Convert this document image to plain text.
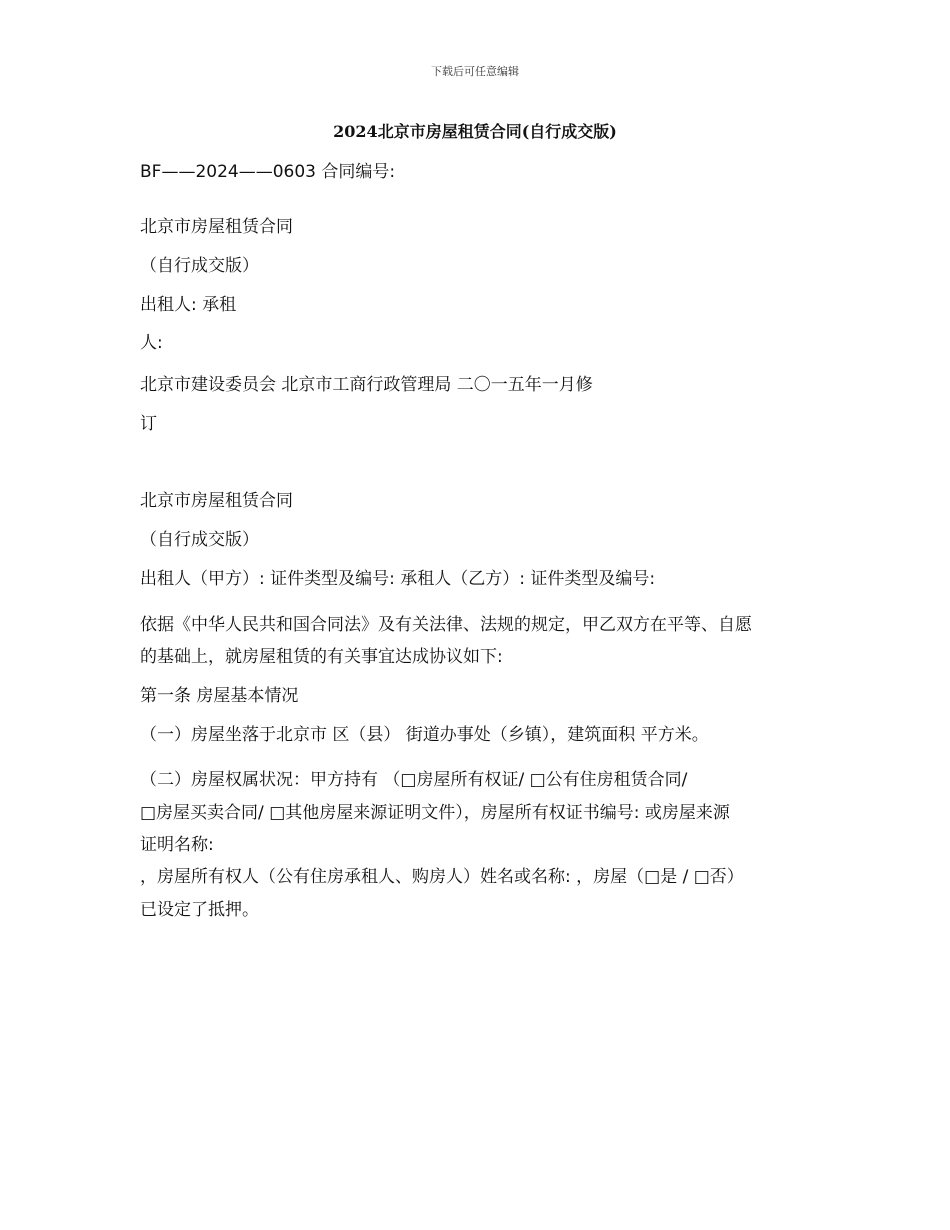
下载后可任意编辑
2024北京市房屋租赁合同(自行成交版)
BF——2024——0603 合同编号:
北京市房屋租赁合同
（自行成交版）
出租人: 承租
人:
北京市建设委员会 北京市工商行政管理局 二〇一五年一月修
订
北京市房屋租赁合同
（自行成交版）
出租人（甲方）: 证件类型及编号: 承租人（乙方）: 证件类型及编号:
依据《中华人民共和国合同法》及有关法律、法规的规定，甲乙双方在平等、自愿
的基础上，就房屋租赁的有关事宜达成协议如下:
第一条 房屋基本情况
（一）房屋坐落于北京市 区（县） 街道办事处（乡镇），建筑面积 平方米。
（二）房屋权属状况：甲方持有 （□房屋所有权证/ □公有住房租赁合同/
□房屋买卖合同/ □其他房屋来源证明文件），房屋所有权证书编号: 或房屋来源
证明名称:
，房屋所有权人（公有住房承租人、购房人）姓名或名称: ，房屋（□是 / □否）
已设定了抵押。
